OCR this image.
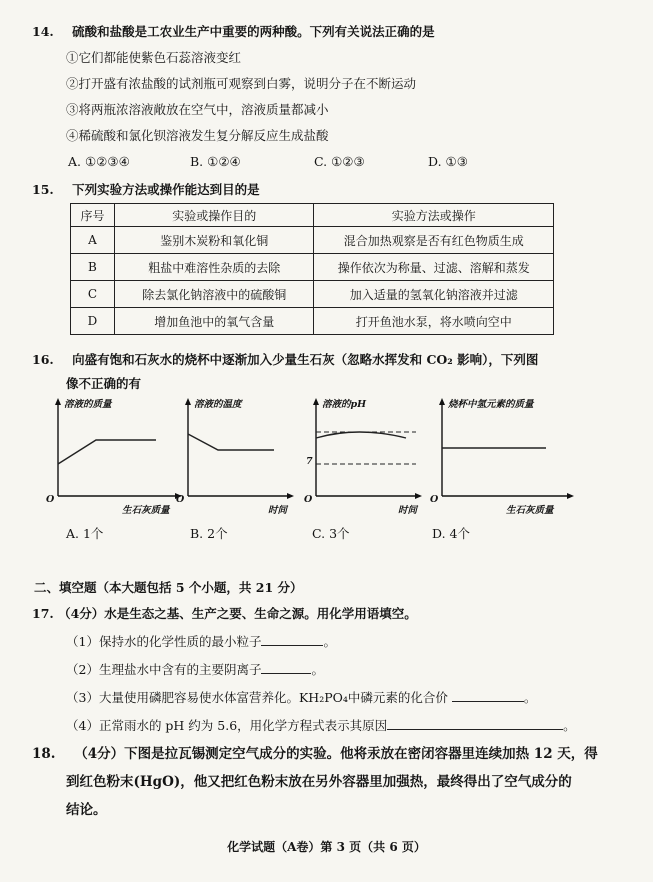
14. 硫酸和盐酸是工农业生产中重要的两种酸。下列有关说法正确的是
①它们都能使紫色石蕊溶液变红
②打开盛有浓盐酸的试剂瓶可观察到白雾，说明分子在不断运动
③将两瓶浓溶液敞放在空气中，溶液质量都减小
④稀硫酸和氯化钡溶液发生复分解反应生成盐酸
A. ①②③④	B. ①②④	C. ①②③	D. ①③
15. 下列实验方法或操作能达到目的是
序号	实验或操作目的	实验方法或操作
A	鉴别木炭粉和氧化铜	混合加热观察是否有红色物质生成
B	粗盐中难溶性杂质的去除	操作依次为称量、过滤、溶解和蒸发
C	除去氯化钠溶液中的硫酸铜	加入适量的氢氧化钠溶液并过滤
D	增加鱼池中的氧气含量	打开鱼池水泵，将水喷向空中
16. 向盛有饱和石灰水的烧杯中逐渐加入少量生石灰（忽略水挥发和 CO₂ 影响），下列图
像不正确的有
溶液的质量
O
生石灰质量
溶液的温度
O
时间
溶液的pH
7
O
时间
烧杯中氢元素的质量
O
生石灰质量
A. 1个	B. 2个	C. 3个	D. 4个
二、填空题（本大题包括 5 个小题，共 21 分）
17. （4分）水是生态之基、生产之要、生命之源。用化学用语填空。
（1）保持水的化学性质的最小粒子	。
（2）生理盐水中含有的主要阴离子	。
（3）大量使用磷肥容易使水体富营养化。KH₂PO₄中磷元素的化合价	。
（4）正常雨水的 pH 约为 5.6，用化学方程式表示其原因	。
18. （4分）下图是拉瓦锡测定空气成分的实验。他将汞放在密闭容器里连续加热 12 天，得
到红色粉末(HgO)，他又把红色粉末放在另外容器里加强热，最终得出了空气成分的
结论。
化学试题（A卷）第 3 页（共 6 页）
